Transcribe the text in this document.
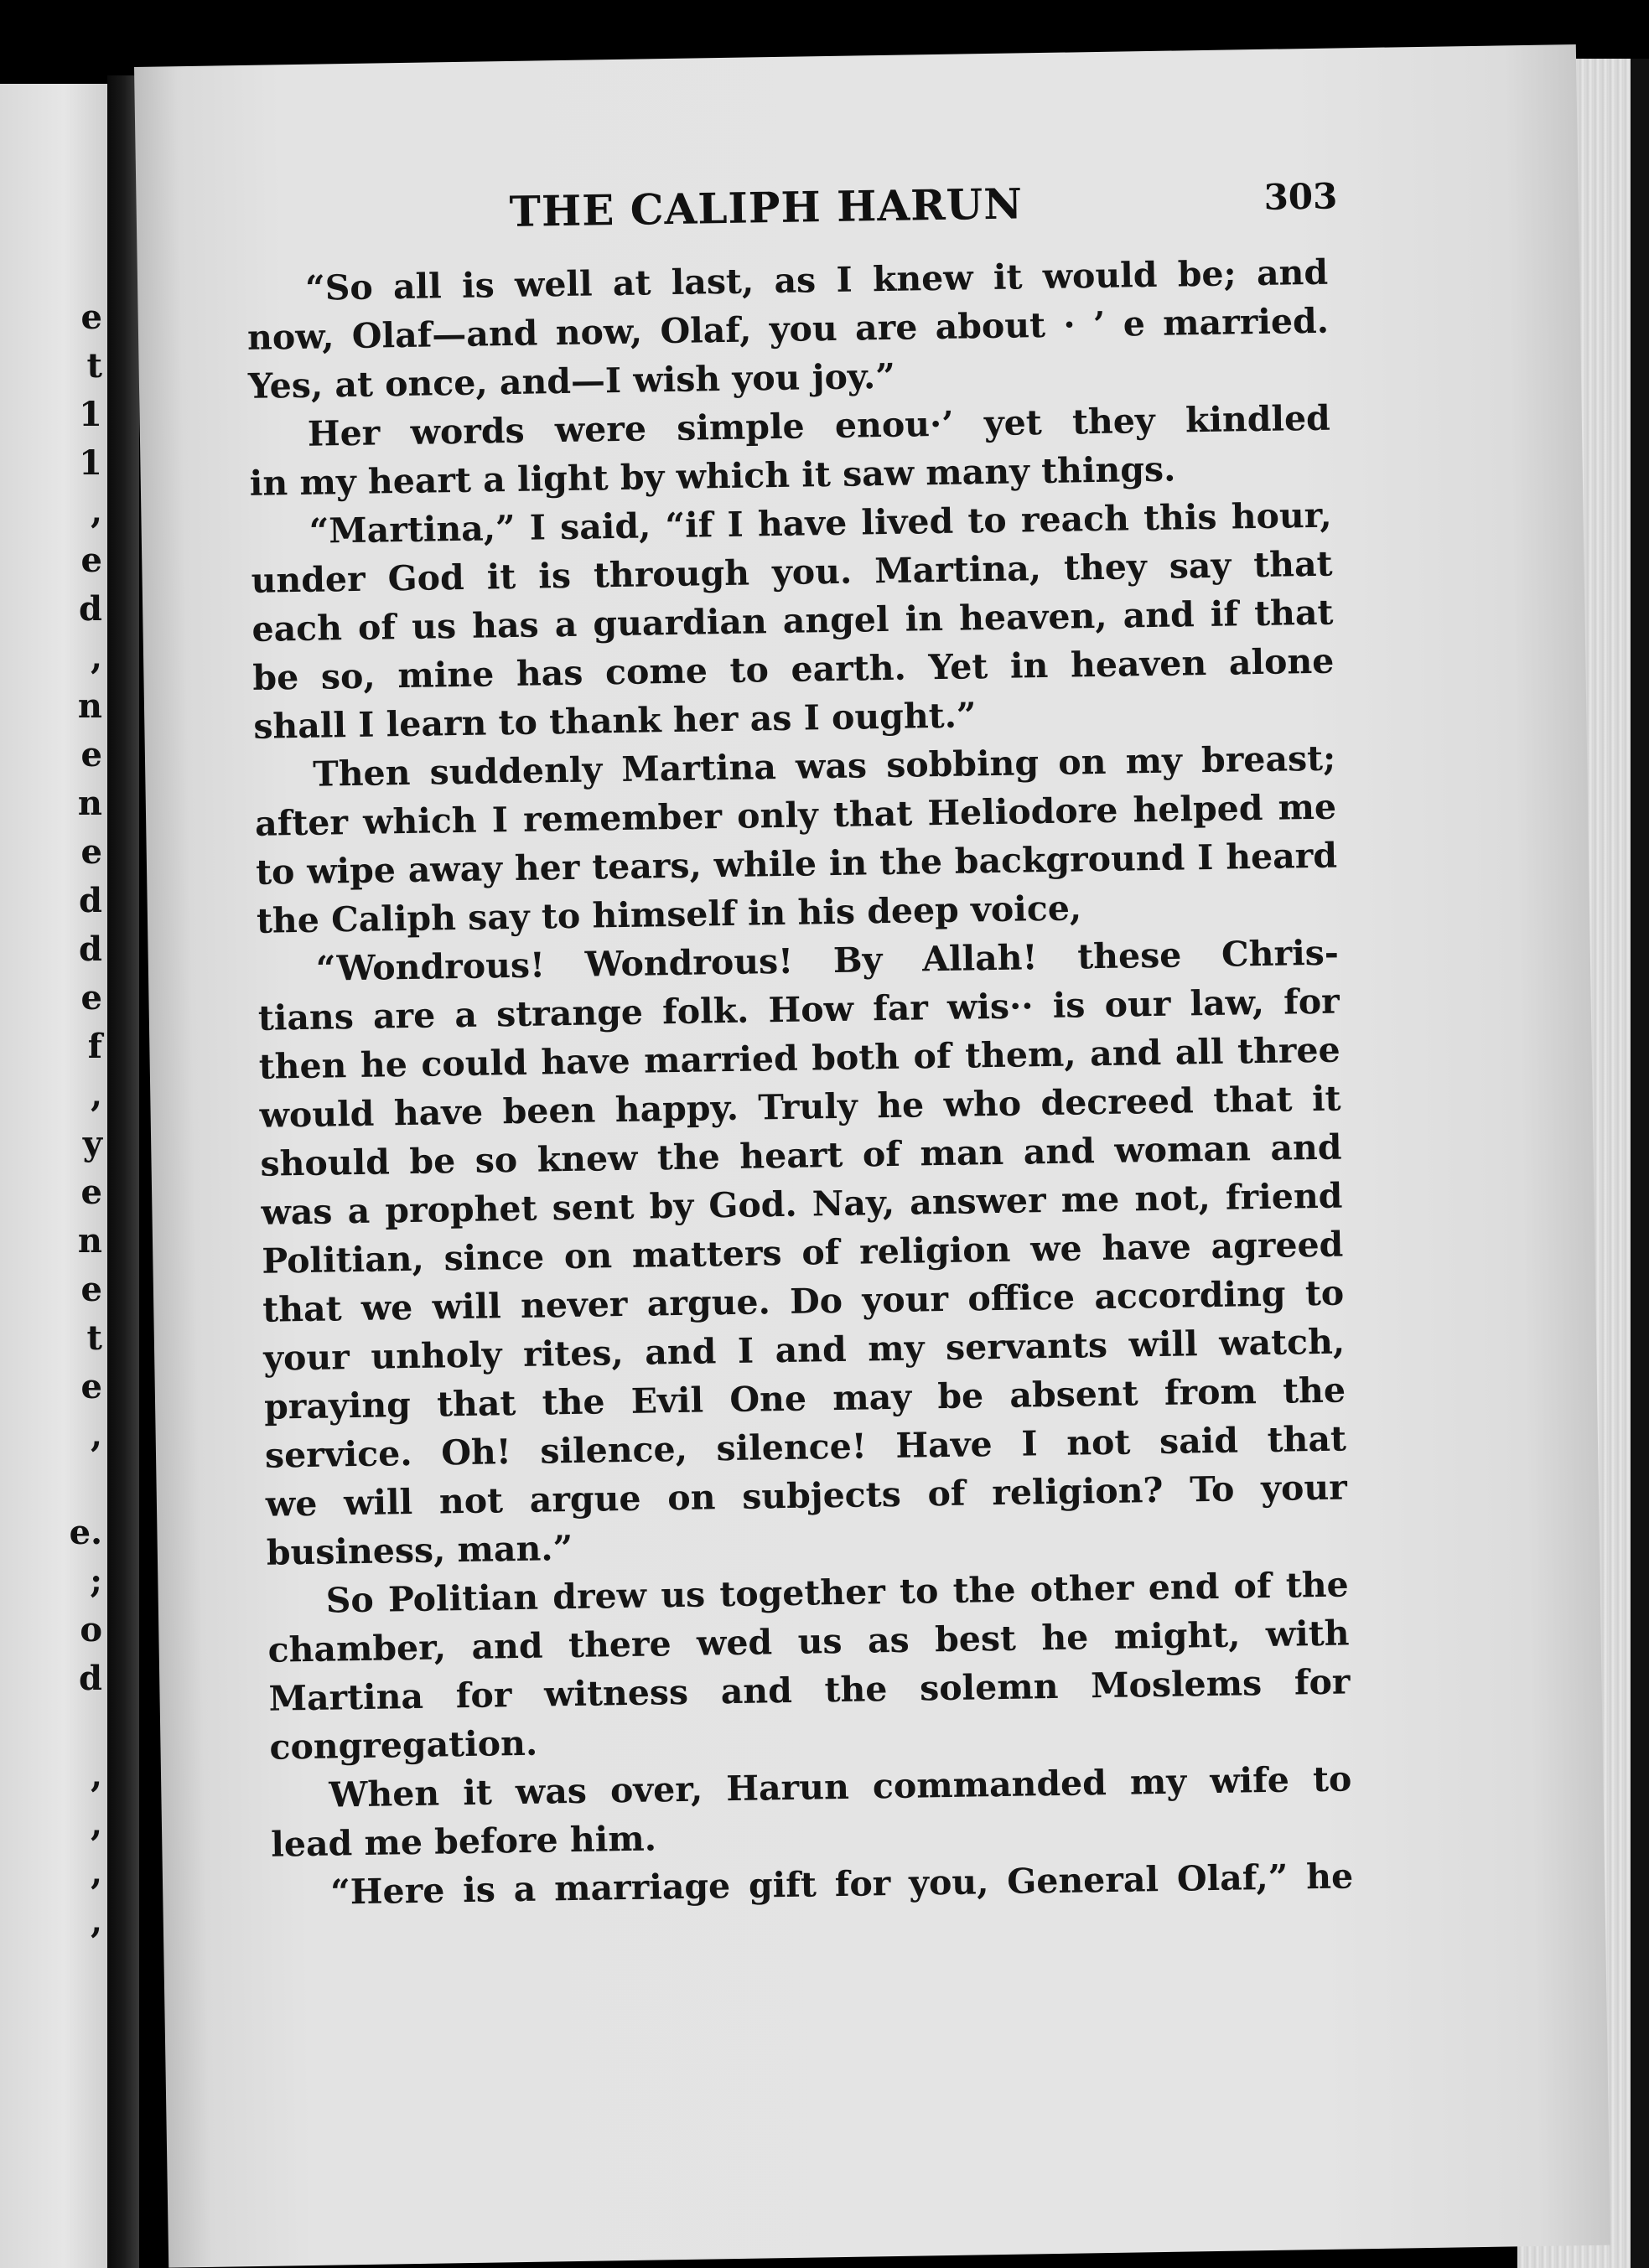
e
t
1
1
,
e
d
,
n
e
n
e
d
d
e
f
,
y
e
n
e
t
e
,
e.
;
o
d
,
,
,
,
THE CALIPH HARUN	303
“So all is well at last, as I knew it would be; and
now, Olaf—and now, Olaf, you are about · ’ e married.
Yes, at once, and—I wish you joy.”
Her words were simple enou·’ yet they kindled
in my heart a light by which it saw many things.
“Martina,” I said, “if I have lived to reach this hour,
under God it is through you. Martina, they say that
each of us has a guardian angel in heaven, and if that
be so, mine has come to earth. Yet in heaven alone
shall I learn to thank her as I ought.”
Then suddenly Martina was sobbing on my breast;
after which I remember only that Heliodore helped me
to wipe away her tears, while in the background I heard
the Caliph say to himself in his deep voice,
“Wondrous! Wondrous! By Allah! these Chris-
tians are a strange folk. How far wis·· is our law, for
then he could have married both of them, and all three
would have been happy. Truly he who decreed that it
should be so knew the heart of man and woman and
was a prophet sent by God. Nay, answer me not, friend
Politian, since on matters of religion we have agreed
that we will never argue. Do your office according to
your unholy rites, and I and my servants will watch,
praying that the Evil One may be absent from the
service. Oh! silence, silence! Have I not said that
we will not argue on subjects of religion? To your
business, man.”
So Politian drew us together to the other end of the
chamber, and there wed us as best he might, with
Martina for witness and the solemn Moslems for
congregation.
When it was over, Harun commanded my wife to
lead me before him.
“Here is a marriage gift for you, General Olaf,” he
